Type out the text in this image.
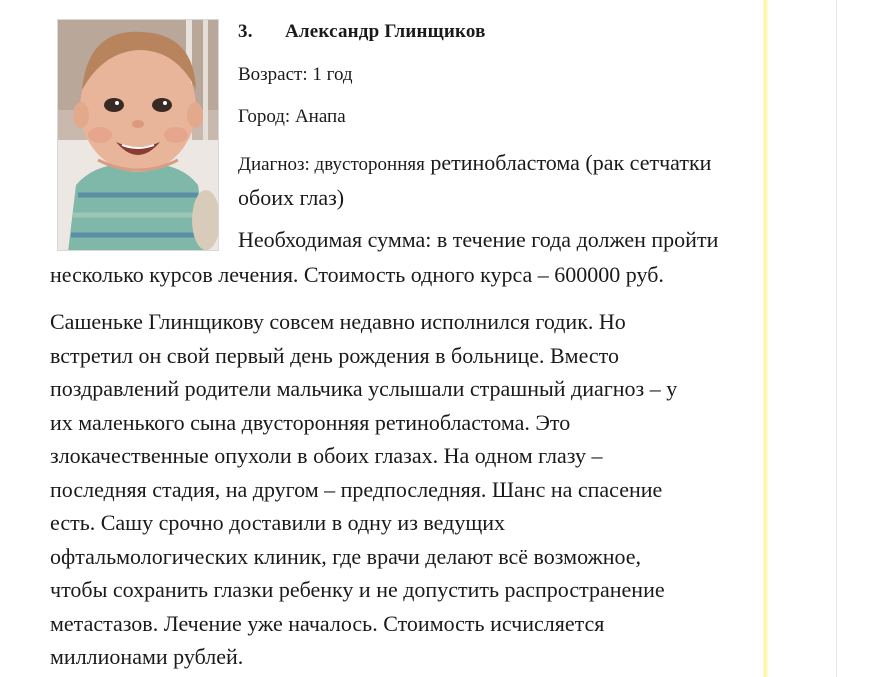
3. Александр Глинщиков
Возраст: 1 год
Город: Анапа
Диагноз: двусторонняя ретинобластома (рак сетчатки
обоих глаз)
Необходимая сумма: в течение года должен пройти
несколько курсов лечения. Стоимость одного курса – 600000 руб.
Сашеньке Глинщикову совсем недавно исполнился годик. Но
встретил он свой первый день рождения в больнице. Вместо
поздравлений родители мальчика услышали страшный диагноз – у
их маленького сына двусторонняя ретинобластома. Это
злокачественные опухоли в обоих глазах. На одном глазу –
последняя стадия, на другом – предпоследняя. Шанс на спасение
есть. Сашу срочно доставили в одну из ведущих
офтальмологических клиник, где врачи делают всё возможное,
чтобы сохранить глазки ребенку и не допустить распространение
метастазов. Лечение уже началось. Стоимость исчисляется
миллионами рублей.
